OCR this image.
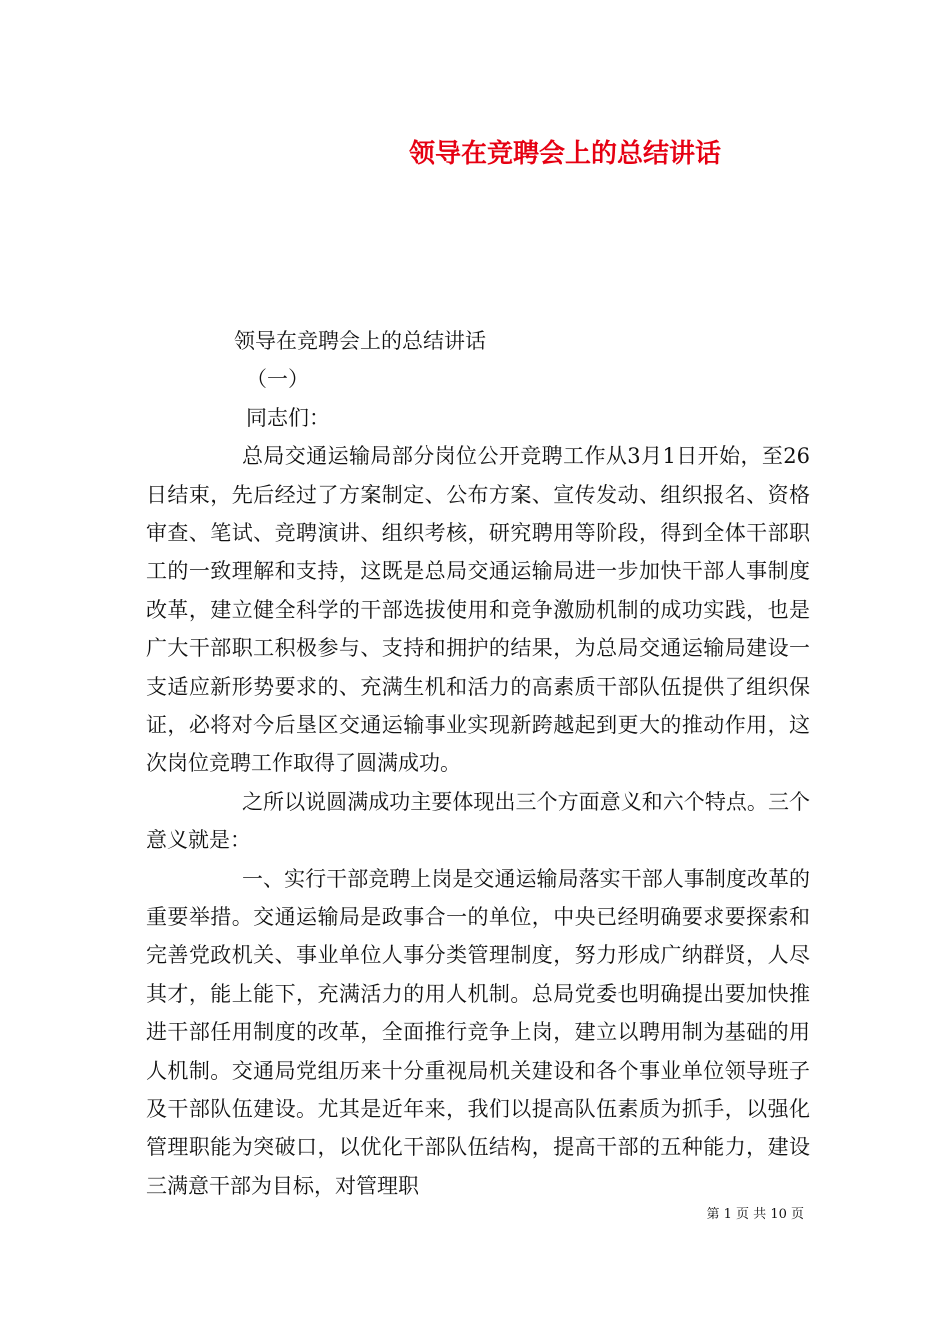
领导在竞聘会上的总结讲话
领导在竞聘会上的总结讲话
（一）
同志们：

总局交通运输局部分岗位公开竞聘工作从3月1日开始，至26日结束，先后经过了方案制定、公布方案、宣传发动、组织报名、资格审查、笔试、竞聘演讲、组织考核，研究聘用等阶段，得到全体干部职工的一致理解和支持，这既是总局交通运输局进一步加快干部人事制度改革，建立健全科学的干部选拔使用和竞争激励机制的成功实践，也是广大干部职工积极参与、支持和拥护的结果，为总局交通运输局建设一支适应新形势要求的、充满生机和活力的高素质干部队伍提供了组织保证，必将对今后垦区交通运输事业实现新跨越起到更大的推动作用，这次岗位竞聘工作取得了圆满成功。

之所以说圆满成功主要体现出三个方面意义和六个特点。三个意义就是：

一、实行干部竞聘上岗是交通运输局落实干部人事制度改革的重要举措。交通运输局是政事合一的单位，中央已经明确要求要探索和完善党政机关、事业单位人事分类管理制度，努力形成广纳群贤，人尽其才，能上能下，充满活力的用人机制。总局党委也明确提出要加快推进干部任用制度的改革，全面推行竞争上岗，建立以聘用制为基础的用人机制。交通局党组历来十分重视局机关建设和各个事业单位领导班子及干部队伍建设。尤其是近年来，我们以提高队伍素质为抓手，以强化管理职能为突破口，以优化干部队伍结构，提高干部的五种能力，建设三满意干部为目标，对管理职

第 1 页 共 10 页
